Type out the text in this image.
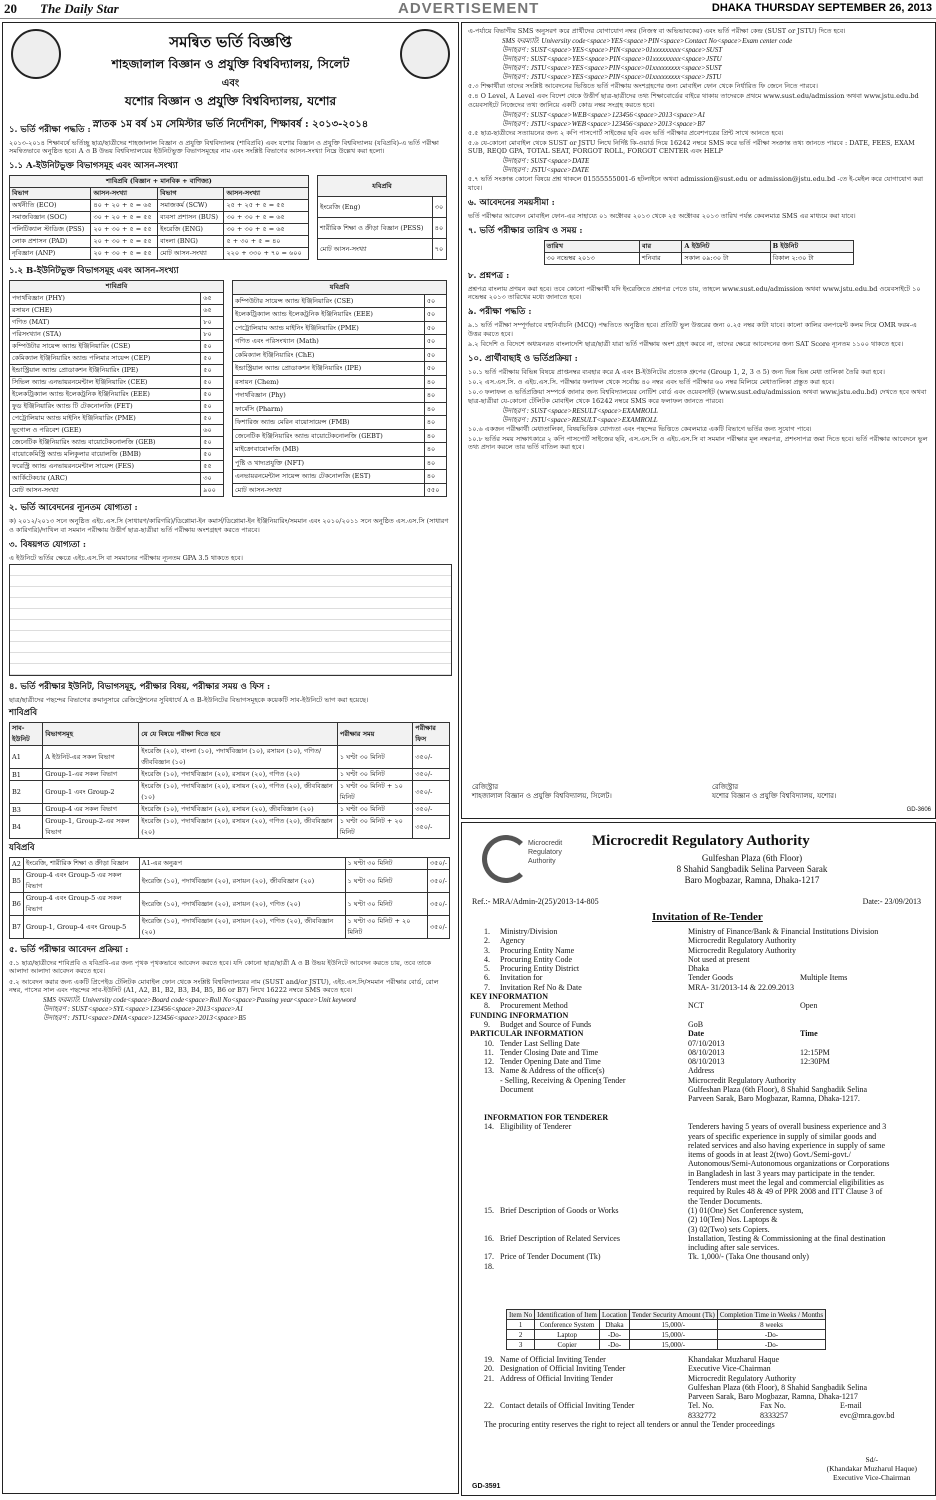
20 The Daily Star	ADVERTISEMENT	DHAKA THURSDAY SEPTEMBER 26, 2013
সমন্বিত ভর্তি বিজ্ঞপ্তি
শাহজালাল বিজ্ঞান ও প্রযুক্তি বিশ্ববিদ্যালয়, সিলেট
এবং
যশোর বিজ্ঞান ও প্রযুক্তি বিশ্ববিদ্যালয়, যশোর
স্নাতক ১ম বর্ষ ১ম সেমিস্টার ভর্তি নির্দেশিকা, শিক্ষাবর্ষ : ২০১৩-২০১৪
১. ভর্তি পরীক্ষা পদ্ধতি :
২০১৩-২০১৪ শিক্ষাবর্ষে ভর্তিচ্ছু ছাত্র/ছাত্রীদের শাহজালাল বিজ্ঞান ও প্রযুক্তি বিশ্ববিদ্যালয় (শাবিপ্রবি) এবং যশোর বিজ্ঞান ও প্রযুক্তি বিশ্ববিদ্যালয় (যবিপ্রবি)-এ ভর্তি পরীক্ষা সমন্বিতভাবে অনুষ্ঠিত হবে। A ও B উভয় বিশ্ববিদ্যালয়ের ইউনিটভুক্ত বিভাগসমূহের নাম এবং সংশ্লিষ্ট বিভাগের আসন-সংখ্যা নিম্নে উল্লেখ করা হলো।
১.১ A-ইউনিটভুক্ত বিভাগসমূহ এবং আসন-সংখ্যা
শাবিপ্রবি (বিজ্ঞান + মানবিক + বাণিজ্য)			
বিভাগ	আসন-সংখ্যা	বিভাগ	আসন-সংখ্যা
অর্থনীতি (ECO)	৪০ + ২০ + ৫ = ৬৫	সমাজকর্ম (SCW)	২৫ + ২৫ + ৫ = ৫৫
সমাজবিজ্ঞান (SOC)	৩০ + ২০ + ৫ = ৫৫	ব্যবসা প্রশাসন (BUS)	৩০ + ৩০ + ৫ = ৬৫
পলিটিক্যাল স্টাডিজ (PSS)	২০ + ৩০ + ৫ = ৫৫	ইংরেজি (ENG)	৩০ + ৩০ + ৫ = ৬৫
লোক প্রশাসন (PAD)	২০ + ৩০ + ৫ = ৫৫	বাংলা (BNG)	৫ + ৩০ + ৫ = ৪০
নৃবিজ্ঞান (ANP)	২০ + ৩০ + ৫ = ৫৫	মোট আসন-সংখ্যা	২২০ + ৩৩০ + ৭০ = ৬০০
যবিপ্রবি	
ইংরেজি (Eng)	৩০
শারীরিক শিক্ষা ও ক্রীড়া বিজ্ঞান (PESS)	৪০
মোট আসন-সংখ্যা	৭০
১.২ B-ইউনিটভুক্ত বিভাগসমূহ এবং আসন-সংখ্যা
শাবিপ্রবি	
পদার্থবিজ্ঞান (PHY)	৬৫
রসায়ন (CHE)	৬৫
গণিত (MAT)	৮০
পরিসংখ্যান (STA)	৮০
কম্পিউটার সায়েন্স অ্যান্ড ইঞ্জিনিয়ারিং (CSE)	৫০
কেমিক্যাল ইঞ্জিনিয়ারিং অ্যান্ড পলিমার সায়েন্স (CEP)	৫০
ইন্ডাস্ট্রিয়াল অ্যান্ড প্রোডাকশন ইঞ্জিনিয়ারিং (IPE)	৫০
সিভিল অ্যান্ড এনভায়রনমেন্টাল ইঞ্জিনিয়ারিং (CEE)	৫০
ইলেকট্রিক্যাল অ্যান্ড ইলেকট্রনিক ইঞ্জিনিয়ারিং (EEE)	৫০
ফুড ইঞ্জিনিয়ারিং অ্যান্ড টি টেকনোলজি (FET)	৫০
পেট্রোলিয়াম অ্যান্ড মাইনিং ইঞ্জিনিয়ারিং (PME)	৫০
ভূগোল ও পরিবেশ (GEE)	৬০
জেনেটিক ইঞ্জিনিয়ারিং অ্যান্ড বায়োটেকনোলজি (GEB)	৫০
বায়োকেমিস্ট্রি অ্যান্ড মলিকুলার বায়োলজি (BMB)	৫০
ফরেস্ট্রি অ্যান্ড এনভায়রনমেন্টাল সায়েন্স (FES)	৫৫
আর্কিটেকচার (ARC)	৩০
মোট আসন-সংখ্যা	৯০০
যবিপ্রবি	
কম্পিউটার সায়েন্স অ্যান্ড ইঞ্জিনিয়ারিং (CSE)	৫০
ইলেকট্রিক্যাল অ্যান্ড ইলেকট্রনিক ইঞ্জিনিয়ারিং (EEE)	৫০
পেট্রোলিয়াম অ্যান্ড মাইনিং ইঞ্জিনিয়ারিং (PME)	৫০
গণিত এবং পরিসংখ্যান (Math)	৫০
কেমিক্যাল ইঞ্জিনিয়ারিং (ChE)	৫০
ইন্ডাস্ট্রিয়াল অ্যান্ড প্রোডাকশন ইঞ্জিনিয়ারিং (IPE)	৫০
রসায়ন (Chem)	৪০
পদার্থবিজ্ঞান (Phy)	৪০
ফার্মেসি (Pharm)	৪০
ফিশারিজ অ্যান্ড মেরিন বায়োসায়েন্স (FMB)	৪০
জেনেটিক ইঞ্জিনিয়ারিং অ্যান্ড বায়োটেকনোলজি (GEBT)	৪০
মাইক্রোবায়োলজি (MB)	৪০
পুষ্টি ও খাদ্যপ্রযুক্তি (NFT)	৪০
এনভায়রনমেন্টাল সায়েন্স অ্যান্ড টেকনোলজি (EST)	৪০
মোট আসন-সংখ্যা	৫৫০
২. ভর্তি আবেদনের ন্যূনতম যোগ্যতা :
ক) ২০১২/২০১৩ সনে অনুষ্ঠিত এইচ.এস.সি (সাধারণ/কারিগরি)/ডিপ্লোমা-ইন কমার্স/ডিপ্লোমা-ইন ইঞ্জিনিয়ারিং/সমমান এবং ২০১০/২০১১ সনে অনুষ্ঠিত এস.এস.সি (সাধারণ ও কারিগরি)/দাখিল বা সমমান পরীক্ষায় উত্তীর্ণ ছাত্র-ছাত্রীরা ভর্তি পরীক্ষায় অংশগ্রহণ করতে পারবে।
৩. বিষয়গত যোগ্যতা :
এ ইউনিটে ভর্তির ক্ষেত্রে এইচ.এস.সি বা সমমানের পরীক্ষায় ন্যূনতম GPA 3.5 থাকতে হবে।
৪. ভর্তি পরীক্ষার ইউনিট, বিভাগসমূহ, পরীক্ষার বিষয়, পরীক্ষার সময় ও ফিস :
ছাত্র/ছাত্রীদের পছন্দের বিভাগের ক্রমানুসারে রেজিস্ট্রেশনের সুবিধার্থে A ও B-ইউনিটের বিভাগসমূহকে কয়েকটি সাব-ইউনিটে ভাগ করা হয়েছে।
শাবিপ্রবি
সাব-ইউনিট	বিভাগসমূহ	যে যে বিষয়ে পরীক্ষা দিতে হবে	পরীক্ষার সময়	পরীক্ষার ফিস
A1	A ইউনিট-এর সকল বিভাগ	ইংরেজি (২০), বাংলা (১০), পদার্থবিজ্ঞান (১০), রসায়ন (১০), গণিত/জীববিজ্ঞান (১০)	১ ঘণ্টা ৩০ মিনিট	৩৫০/-
B1	Group-1-এর সকল বিভাগ	ইংরেজি (১০), পদার্থবিজ্ঞান (২০), রসায়ন (২০), গণিত (২০)	১ ঘণ্টা ৩০ মিনিট	৩৫০/-
B2	Group-1 এবং Group-2	ইংরেজি (১০), পদার্থবিজ্ঞান (২০), রসায়ন (২০), গণিত (২০), জীববিজ্ঞান (১০)	১ ঘণ্টা ৩০ মিনিট + ১০ মিনিট	৩৫০/-
B3	Group-4 এর সকল বিভাগ	ইংরেজি (১০), পদার্থবিজ্ঞান (২০), রসায়ন (২০), জীববিজ্ঞান (২০)	১ ঘণ্টা ৩০ মিনিট	৩৫০/-
B4	Group-1, Group-2-এর সকল বিভাগ	ইংরেজি (১০), পদার্থবিজ্ঞান (২০), রসায়ন (২০), গণিত (২০), জীববিজ্ঞান (২০)	১ ঘণ্টা ৩০ মিনিট + ২০ মিনিট	৩৫০/-
যবিপ্রবি
A2	ইংরেজি, শারীরিক শিক্ষা ও ক্রীড়া বিজ্ঞান	A1-এর অনুরূপ	১ ঘণ্টা ৩০ মিনিট	৩৫০/-
B5	Group-4 এবং Group-5 এর সকল বিভাগ	ইংরেজি (১০), পদার্থবিজ্ঞান (২০), রসায়ন (২০), জীববিজ্ঞান (২০)	১ ঘণ্টা ৩০ মিনিট	৩৫০/-
B6	Group-4 এবং Group-5 এর সকল বিভাগ	ইংরেজি (১০), পদার্থবিজ্ঞান (২০), রসায়ন (২০), গণিত (২০)	১ ঘণ্টা ৩০ মিনিট	৩৫০/-
B7	Group-1, Group-4 এবং Group-5	ইংরেজি (১০), পদার্থবিজ্ঞান (২০), রসায়ন (২০), গণিত (২০), জীববিজ্ঞান (২০)	১ ঘণ্টা ৩০ মিনিট + ২০ মিনিট	৩৫০/-
৫. ভর্তি পরীক্ষার আবেদন প্রক্রিয়া :
৫.১ ছাত্র/ছাত্রীদের শাবিপ্রবি ও যবিপ্রবি-এর জন্য পৃথক পৃথকভাবে আবেদন করতে হবে। যদি কোনো ছাত্র/ছাত্রী A ও B উভয় ইউনিটে আবেদন করতে চায়, তবে তাকে আলাদা আলাদা আবেদন করতে হবে।
৫.২ আবেদন করার জন্য একটি প্রিপেইড টেলিটক মোবাইল ফোন থেকে সংশ্লিষ্ট বিশ্ববিদ্যালয়ের নাম (SUST and/or JSTU), এইচ.এস.সি/সমমান পরীক্ষার বোর্ড, রোল নম্বর, পাসের সাল এবং পছন্দের সাব-ইউনিট (A1, A2, B1, B2, B3, B4, B5, B6 or B7) লিখে 16222 নম্বরে SMS করতে হবে।
SMS ফরম্যাট: University code<space>Board code<space>Roll No<space>Passing year<space>Unit keyword
উদাহরণ : SUST<space>SYL<space>123456<space>2013<space>A1
উদাহরণ : JSTU<space>DHA<space>123456<space>2013<space>B5
এ-পর্যায়ে বিভাগীয় SMS অনুসরণ করে প্রার্থীদের যোগাযোগ নম্বর (নিজস্ব বা অভিভাবকের) এবং ভর্তি পরীক্ষা কেন্দ্র (SUST or JSTU) দিতে হবে।
SMS ফরম্যাট: University code<space>YES<space>PIN<space>Contact No<space>Exam center code
উদাহরণ : SUST<space>YES<space>PIN<space>01xxxxxxxxx<space>SUST
উদাহরণ : SUST<space>YES<space>PIN<space>01xxxxxxxxx<space>JSTU
উদাহরণ : JSTU<space>YES<space>PIN<space>01xxxxxxxxx<space>SUST
উদাহরণ : JSTU<space>YES<space>PIN<space>01xxxxxxxxx<space>JSTU
৫.৩ শিক্ষার্থীরা তাদের সংশ্লিষ্ট আবেদনের ভিত্তিতে ভর্তি পরীক্ষায় অংশগ্রহণের জন্য মোবাইল ফোন থেকে নির্ধারিত ফি জেনে নিতে পারবে।
৫.৪ O Level, A Level এবং বিদেশ থেকে উত্তীর্ণ ছাত্র-ছাত্রীদের তথ্য শিক্ষাবোর্ডের বাইরে থাকায় তাদেরকে প্রথমে www.sust.edu/admission অথবা www.jstu.edu.bd ওয়েবসাইটে নিজেদের তথ্য জানিয়ে একটি কোড নম্বর সংগ্রহ করতে হবে।
উদাহরণ : SUST<space>WEB<space>123456<space>2013<space>A1
উদাহরণ : JSTU<space>WEB<space>123456<space>2013<space>B7
৫.৫ ছাত্র-ছাত্রীদের সত্যায়নের জন্য ২ কপি পাসপোর্ট সাইজের ছবি এবং ভর্তি পরীক্ষার প্রবেশপত্রের প্রিন্ট সাথে আনতে হবে।
৫.৬ যে-কোনো মোবাইল থেকে SUST or JSTU লিখে নির্দিষ্ট কি-ওয়ার্ড দিয়ে 16242 নম্বরে SMS করে ভর্তি পরীক্ষা সংক্রান্ত তথ্য জানতে পারবে : DATE, FEES, EXAM SUB, REQD GPA, TOTAL SEAT, FORGOT ROLL, FORGOT CENTER এবং HELP
উদাহরণ : SUST<space>DATE
উদাহরণ : JSTU<space>DATE
৫.৭ ভর্তি সংক্রান্ত কোনো বিষয়ে প্রশ্ন থাকলে 01555555001-6 হটলাইনে অথবা admission@sust.edu or admission@jstu.edu.bd -তে ই-মেইল করে যোগাযোগ করা যাবে।
৬. আবেদনের সময়সীমা :
ভর্তি পরীক্ষার আবেদন মোবাইল ফোন-এর সাহায্যে ০১ অক্টোবর ২০১৩ থেকে ২৫ অক্টোবর ২০১৩ তারিখ পর্যন্ত কেবলমাত্র SMS এর মাধ্যমে করা যাবে।
৭. ভর্তি পরীক্ষার তারিখ ও সময় :
তারিখ	বার	A ইউনিট	B ইউনিট
৩০ নভেম্বর ২০১৩	শনিবার	সকাল ০৯:৩০ টা	বিকাল ২:৩০ টা
৮. প্রশ্নপত্র :
প্রশ্নপত্র বাংলায় প্রণয়ন করা হবে। তবে কোনো পরীক্ষার্থী যদি ইংরেজিতে প্রশ্নপত্র পেতে চায়, তাহলে www.sust.edu/admission অথবা www.jstu.edu.bd ওয়েবসাইটে ১০ নভেম্বর ২০১৩ তারিখের মধ্যে জানাতে হবে।
৯. পরীক্ষা পদ্ধতি :
৯.১ ভর্তি পরীক্ষা সম্পূর্ণভাবে বহুনির্বাচনি (MCQ) পদ্ধতিতে অনুষ্ঠিত হবে। প্রতিটি ভুল উত্তরের জন্য ০.২৫ নম্বর কাটা যাবে। কালো কালির বলপয়েন্ট কলম দিয়ে OMR ফরম-এ উত্তর করতে হবে।
৯.২ বিদেশি ও বিদেশে অধ্যয়নরত বাংলাদেশি ছাত্র/ছাত্রী যারা ভর্তি পরীক্ষায় অংশ গ্রহণ করবে না, তাদের ক্ষেত্রে আবেদনের জন্য SAT Score ন্যূনতম ১১০০ থাকতে হবে।
১০. প্রার্থীবাছাই ও ভর্তিপ্রক্রিয়া :
১০.১ ভর্তি পরীক্ষায় বিভিন্ন বিষয়ে প্রাপ্তনম্বর ব্যবহার করে A এবং B-ইউনিটের প্রত্যেক গ্রুপের (Group 1, 2, 3 ও 5) জন্য ভিন্ন ভিন্ন মেধা তালিকা তৈরি করা হবে।
১০.২ এস.এস.সি. ও এইচ.এস.সি. পরীক্ষার ফলাফল থেকে সর্বোচ্চ ৪০ নম্বর এবং ভর্তি পরীক্ষার ৬০ নম্বর মিলিয়ে মেধাতালিকা প্রস্তুত করা হবে।
১০.৩ ফলাফল ও ভর্তিপ্রক্রিয়া সম্পর্কে জানার জন্য বিশ্ববিদ্যালয়ের নোটিশ বোর্ড এবং ওয়েবসাইট (www.sust.edu/admission অথবা www.jstu.edu.bd) দেখতে হবে অথবা ছাত্র-ছাত্রীরা যে-কোনো টেলিটক মোবাইল থেকে 16242 নম্বরে SMS করে ফলাফল জানতে পারবে।
উদাহরণ : SUST<space>RESULT<space>EXAMROLL
উদাহরণ : JSTU<space>RESULT<space>EXAMROLL
১০.৬ একজন পরীক্ষার্থী মেধাতালিকা, বিষয়ভিত্তিক যোগ্যতা এবং পছন্দের ভিত্তিতে কেবলমাত্র একটি বিভাগে ভর্তির জন্য সুযোগ পাবে।
১০.৮ ভর্তির সময় সাক্ষাৎকারে ২ কপি পাসপোর্ট সাইজের ছবি, এস.এস.সি ও এইচ.এস.সি বা সমমান পরীক্ষার মূল নম্বরপত্র, প্রশংসাপত্র জমা দিতে হবে। ভর্তি পরীক্ষার আবেদনে ভুল তথ্য প্রদান করলে তার ভর্তি বাতিল করা হবে।
রেজিস্ট্রার
শাহজালাল বিজ্ঞান ও প্রযুক্তি বিশ্ববিদ্যালয়, সিলেট।
রেজিস্ট্রার
যশোর বিজ্ঞান ও প্রযুক্তি বিশ্ববিদ্যালয়, যশোর।
GD-3606
Microcredit Regulatory Authority
Microcredit Regulatory Authority
Gulfeshan Plaza (6th Floor)
8 Shahid Sangbadik Selina Parveen Sarak
Baro Mogbazar, Ramna, Dhaka-1217
Ref.:- MRA/Admin-2(25)/2013-14-805	Date:- 23/09/2013
Invitation of Re-Tender
1. Ministry/Division	Ministry of Finance/Bank & Financial Institutions Division
2. Agency	Microcredit Regulatory Authority
3. Procuring Entity Name	Microcredit Regulatory Authority
4. Procuring Entity Code	Not used at present
5. Procuring Entity District	Dhaka
6. Invitation for	Tender Goods	Multiple Items
7. Invitation Ref No & Date	MRA- 31/2013-14 & 22.09.2013
KEY INFORMATION
8. Procurement Method	NCT	Open
FUNDING INFORMATION
9. Budget and Source of Funds	GoB
PARTICULAR INFORMATION	Date	Time
10. Tender Last Selling Date	07/10/2013
11. Tender Closing Date and Time	08/10/2013	12:15PM
12. Tender Opening Date and Time	08/10/2013	12:30PM
13. Name & Address of the office(s)	Address
- Selling, Receiving & Opening Tender	Microcredit Regulatory Authority
Document	Gulfeshan Plaza (6th Floor), 8 Shahid Sangbadik Selina
Parveen Sarak, Baro Mogbazar, Ramna, Dhaka-1217.
INFORMATION FOR TENDERER
14. Eligibility of Tenderer	Tenderers having 5 years of overall business experience and 3
years of specific experience in supply of similar goods and
related services and also having experience in supply of same
items of goods in at least 2(two) Govt./Semi-govt./
Autonomous/Semi-Autonomous organizations or Corporations
in Bangladesh in last 3 years may participate in the tender.
Tenderers must meet the legal and commercial eligibilities as
required by Rules 48 & 49 of PPR 2008 and ITT Clause 3 of
the Tender Documents.
15. Brief Description of Goods or Works	(1) 01(One) Set Conference system,
(2) 10(Ten) Nos. Laptops &
(3) 02(Two) sets Copiers.
16. Brief Description of Related Services	Installation, Testing & Commissioning at the final destination
including after sale services.
17. Price of Tender Document (Tk)	Tk. 1,000/- (Taka One thousand only)
18.
Item No	Identification of Item	Location	Tender Security Amount (Tk)	Completion Time in Weeks / Months
1	Conference System	Dhaka	15,000/-	8 weeks
2	Laptop	-Do-	15,000/-	-Do-
3	Copier	-Do-	15,000/-	-Do-
19. Name of Official Inviting Tender	Khandakar Muzharul Haque
20. Designation of Official Inviting Tender	Executive Vice-Chairman
21. Address of Official Inviting Tender	Microcredit Regulatory Authority
Gulfeshan Plaza (6th Floor), 8 Shahid Sangbadik Selina
Parveen Sarak, Baro Mogbazar, Ramna, Dhaka-1217
22. Contact details of Official Inviting Tender	Tel. No.	Fax No.	E-mail
8332772	8333257	evc@mra.gov.bd
The procuring entity reserves the right to reject all tenders or annul the Tender proceedings
Sd/-
(Khandakar Muzharul Haque)
Executive Vice-Chairman
GD-3591
